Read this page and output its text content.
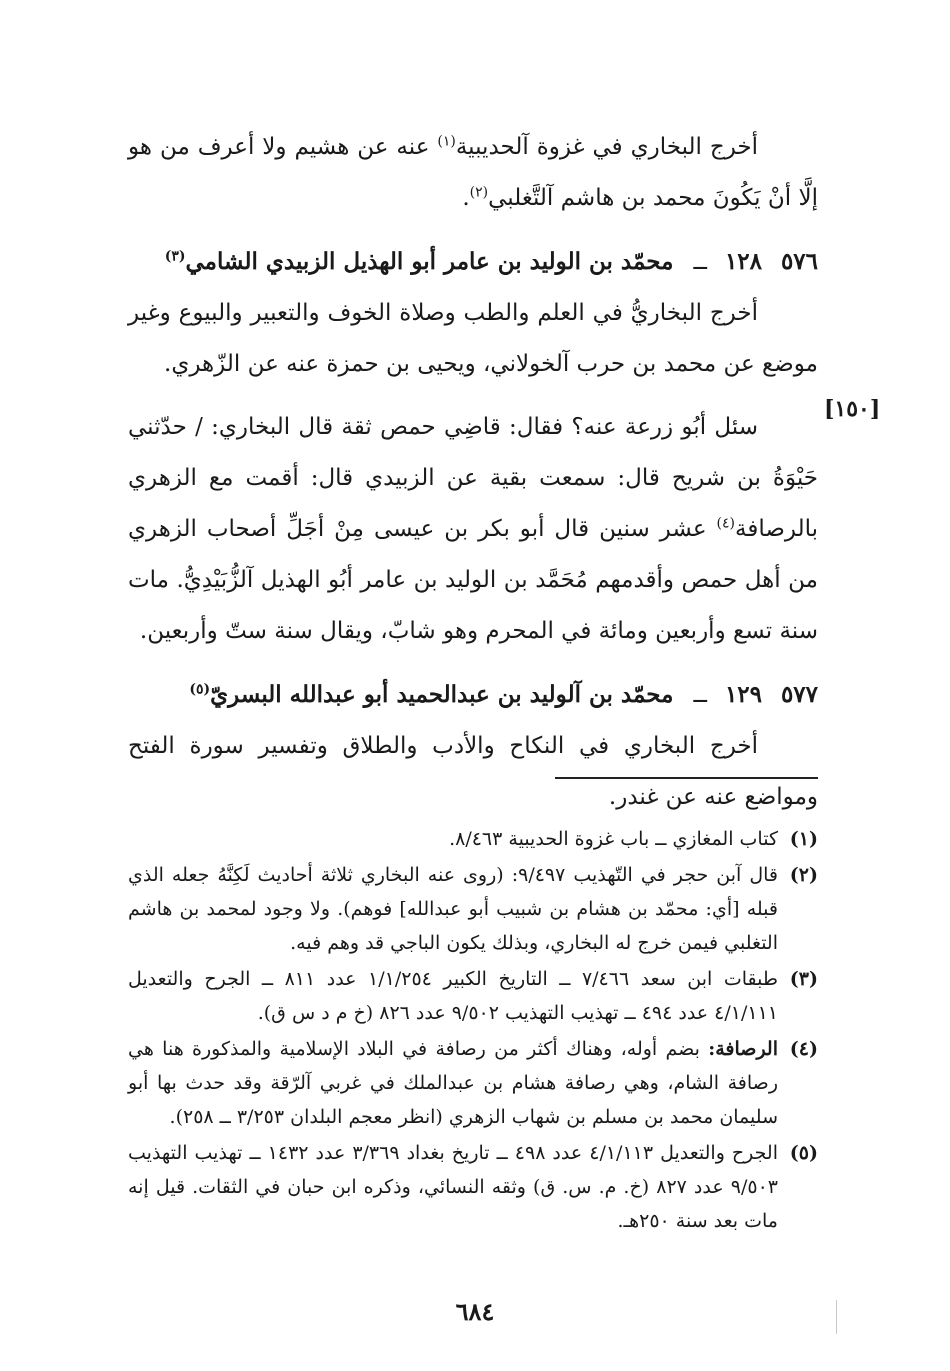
أخرج البخاري في غزوة آلحديبية$^{(١)}$ عنه عن هشيم ولا أعرف من هو إلَّا أنْ يَكُونَ محمد بن هاشم آلتَّغلبي$^{(٢)}$.

٥٧٦
١٢٨
ــ
محمّد بن الوليد بن عامر أبو الهذيل الزبيدي الشامي$^{(٣)}$

أخرج البخاريُّ في العلم والطب وصلاة الخوف والتعبير والبيوع وغير موضع عن محمد بن حرب آلخولاني، ويحيى بن حمزة عنه عن الزّهري.

سئل أبُو زرعة عنه؟ فقال: قاضِي حمص ثقة قال البخاري: / حدّثني حَيْوَةُ بن شريح قال: سمعت بقية عن الزبيدي قال: أقمت مع الزهري بالرصافة$^{(٤)}$ عشر سنين قال أبو بكر بن عيسى مِنْ أجَلِّ أصحاب الزهري من أهل حمص وأقدمهم مُحَمَّد بن الوليد بن عامر أبُو الهذيل آلزُّبَيْدِيُّ. مات سنة تسع وأربعين ومائة في المحرم وهو شابّ، ويقال سنة ستّ وأربعين.

٥٧٧
١٢٩
ــ
محمّد بن آلوليد بن عبدالحميد أبو عبدالله البسريّ$^{(٥)}$

أخرج البخاري في النكاح والأدب والطلاق وتفسير سورة الفتح ومواضع عنه عن غندر.

[١٥٠]
(١)
كتاب المغازي ــ باب غزوة الحديبية ٨/٤٦٣.
(٢)
قال آبن حجر في التّهذيب ٩/٤٩٧: (روى عنه البخاري ثلاثة أحاديث لَكِنَّهُ جعله الذي قبله [أي: محمّد بن هشام بن شبيب أبو عبدالله] فوهم). ولا وجود لمحمد بن هاشم التغلبي فيمن خرج له البخاري، وبذلك يكون الباجي قد وهم فيه.
(٣)
طبقات ابن سعد ٧/٤٦٦ ــ التاريخ الكبير ١/١/٢٥٤ عدد ٨١١ ــ الجرح والتعديل ٤/١/١١١ عدد ٤٩٤ ــ تهذيب التهذيب ٩/٥٠٢ عدد ٨٢٦ (خ م د س ق).
(٤)
الرصافة: بضم أوله، وهناك أكثر من رصافة في البلاد الإسلامية والمذكورة هنا هي رصافة الشام، وهي رصافة هشام بن عبدالملك في غربي آلرّقة وقد حدث بها أبو سليمان محمد بن مسلم بن شهاب الزهري (انظر معجم البلدان ٣/٢٥٣ ــ ٢٥٨).
(٥)
الجرح والتعديل ٤/١/١١٣ عدد ٤٩٨ ــ تاريخ بغداد ٣/٣٦٩ عدد ١٤٣٢ ــ تهذيب التهذيب ٩/٥٠٣ عدد ٨٢٧ (خ. م. س. ق) وثقه النسائي، وذكره ابن حبان في الثقات. قيل إنه مات بعد سنة ٢٥٠هـ.
٦٨٤
